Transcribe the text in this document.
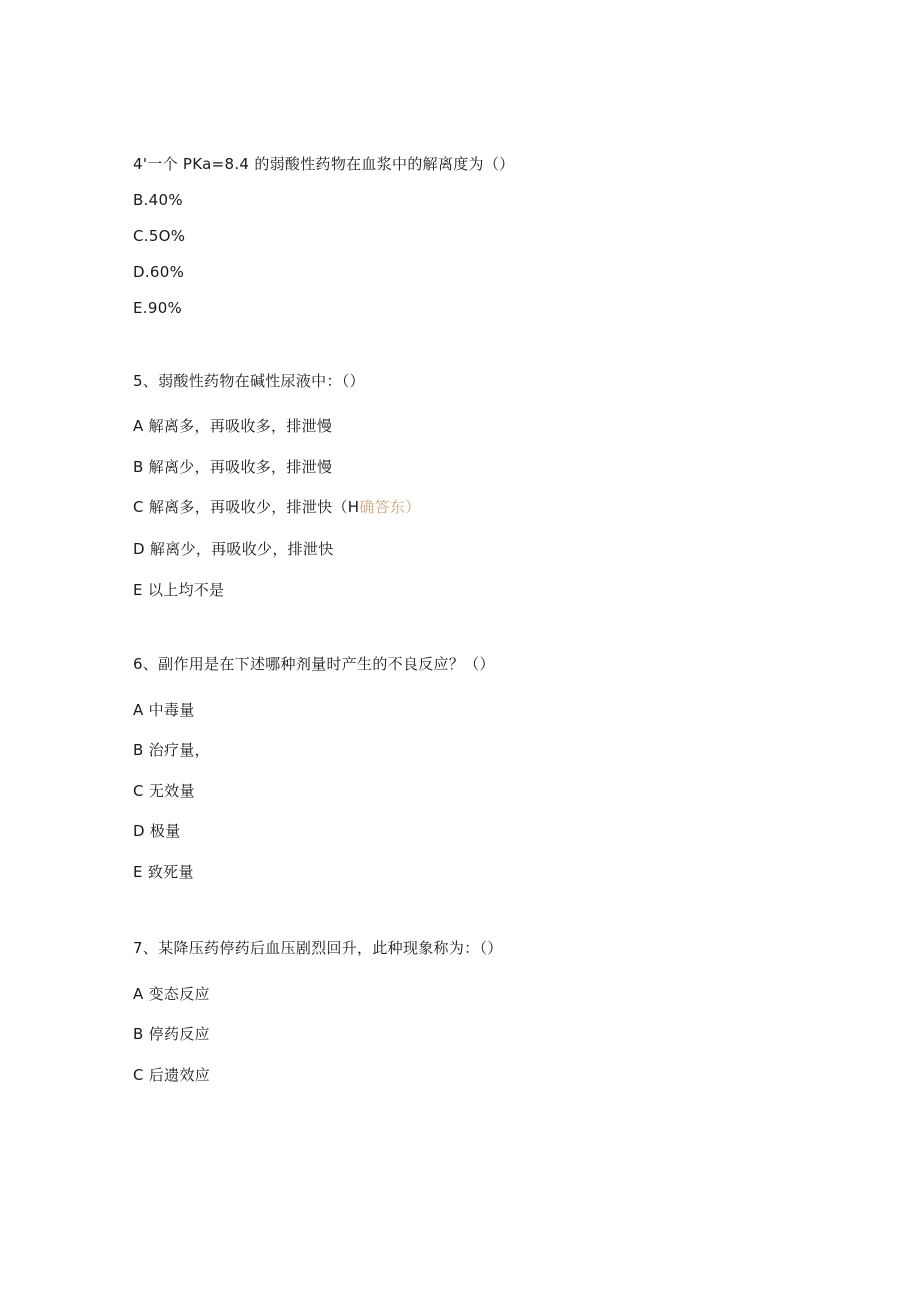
4'一个 PKa=8.4 的弱酸性药物在血浆中的解离度为（）
B.40%
C.5O%
D.60%
E.90%
5、弱酸性药物在碱性尿液中：（）
A 解离多，再吸收多，排泄慢
B 解离少，再吸收多，排泄慢
C 解离多，再吸收少，排泄快（H确答东）
D 解离少，再吸收少，排泄快
E 以上均不是
6、副作用是在下述哪种剂量时产生的不良反应？（）
A 中毒量
B 治疗量，
C 无效量
D 极量
E 致死量
7、某降压药停药后血压剧烈回升，此种现象称为：（）
A 变态反应
B 停药反应
C 后遗效应
